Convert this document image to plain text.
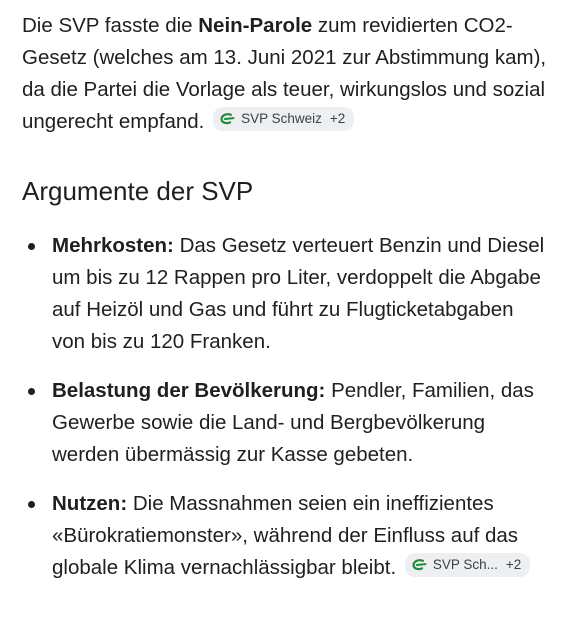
Die SVP fasste die Nein-Parole zum revidierten CO2-Gesetz (welches am 13. Juni 2021 zur Abstimmung kam), da die Partei die Vorlage als teuer, wirkungslos und sozial ungerecht empfand.	SVP Schweiz +2

Argumente der SVP
Mehrkosten: Das Gesetz verteuert Benzin und Diesel um bis zu 12 Rappen pro Liter, verdoppelt die Abgabe auf Heizöl und Gas und führt zu Flugticketabgaben von bis zu 120 Franken.
Belastung der Bevölkerung: Pendler, Familien, das Gewerbe sowie die Land- und Bergbevölkerung werden übermässig zur Kasse gebeten.
Nutzen: Die Massnahmen seien ein ineffizientes «Bürokratiemonster», während der Einfluss auf das globale Klima vernachlässigbar bleibt.	SVP Sch... +2
